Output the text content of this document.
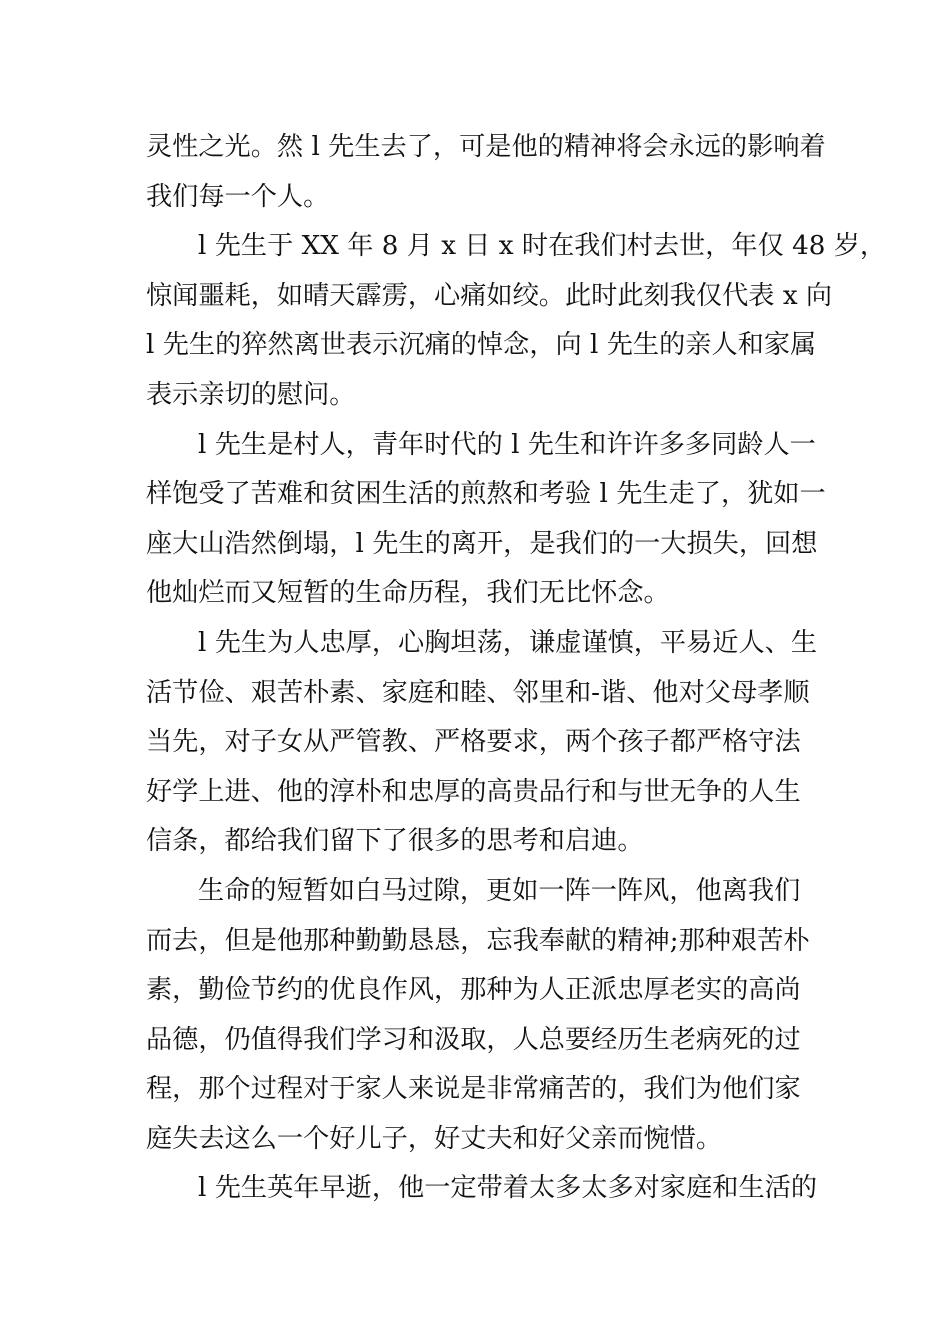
灵性之光。然 l 先生去了，可是他的精神将会永远的影响着
我们每一个人。
l 先生于 XX 年 8 月 x 日 x 时在我们村去世，年仅 48 岁，
惊闻噩耗，如晴天霹雳，心痛如绞。此时此刻我仅代表 x 向
l 先生的猝然离世表示沉痛的悼念，向 l 先生的亲人和家属
表示亲切的慰问。
l 先生是村人，青年时代的 l 先生和许许多多同龄人一
样饱受了苦难和贫困生活的煎熬和考验 l 先生走了，犹如一
座大山浩然倒塌，l 先生的离开，是我们的一大损失，回想
他灿烂而又短暂的生命历程，我们无比怀念。
l 先生为人忠厚，心胸坦荡，谦虚谨慎，平易近人、生
活节俭、艰苦朴素、家庭和睦、邻里和-谐、他对父母孝顺
当先，对子女从严管教、严格要求，两个孩子都严格守法
好学上进、他的淳朴和忠厚的高贵品行和与世无争的人生
信条，都给我们留下了很多的思考和启迪。
生命的短暂如白马过隙，更如一阵一阵风，他离我们
而去，但是他那种勤勤恳恳，忘我奉献的精神;那种艰苦朴
素，勤俭节约的优良作风，那种为人正派忠厚老实的高尚
品德，仍值得我们学习和汲取，人总要经历生老病死的过
程，那个过程对于家人来说是非常痛苦的，我们为他们家
庭失去这么一个好儿子，好丈夫和好父亲而惋惜。
l 先生英年早逝，他一定带着太多太多对家庭和生活的
